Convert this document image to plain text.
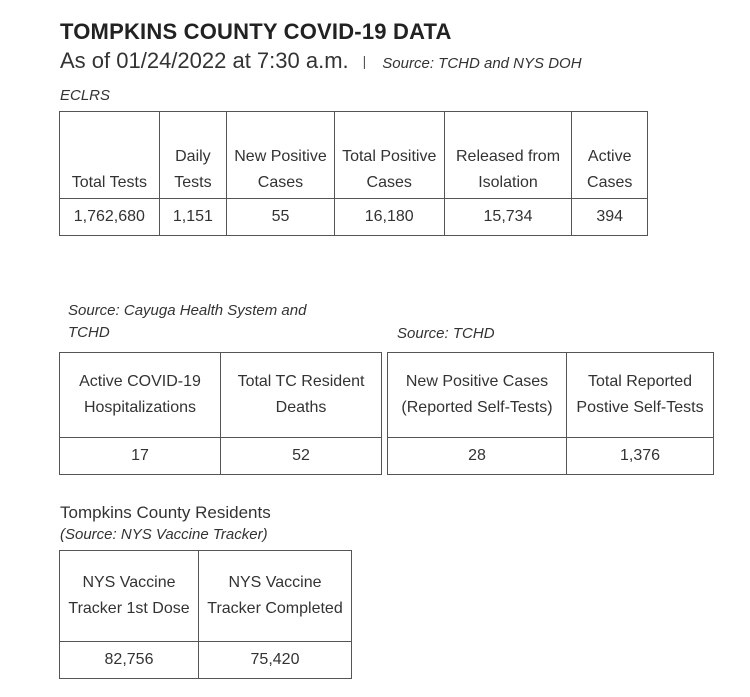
TOMPKINS COUNTY COVID-19 DATA
As of 01/24/2022 at 7:30 a.m. | Source: TCHD and NYS DOH
ECLRS
Total Tests	Daily Tests	New Positive Cases	Total Positive Cases	Released from Isolation	Active Cases
1,762,680	1,151	55	16,180	15,734	394
Source: Cayuga Health System and
TCHD
Active COVID-19 Hospitalizations	Total TC Resident Deaths
17	52
Source: TCHD
New Positive Cases (Reported Self-Tests)	Total Reported Postive Self-Tests
28	1,376
Tompkins County Residents
(Source: NYS Vaccine Tracker)
NYS Vaccine Tracker 1st Dose	NYS Vaccine Tracker Completed
82,756	75,420
